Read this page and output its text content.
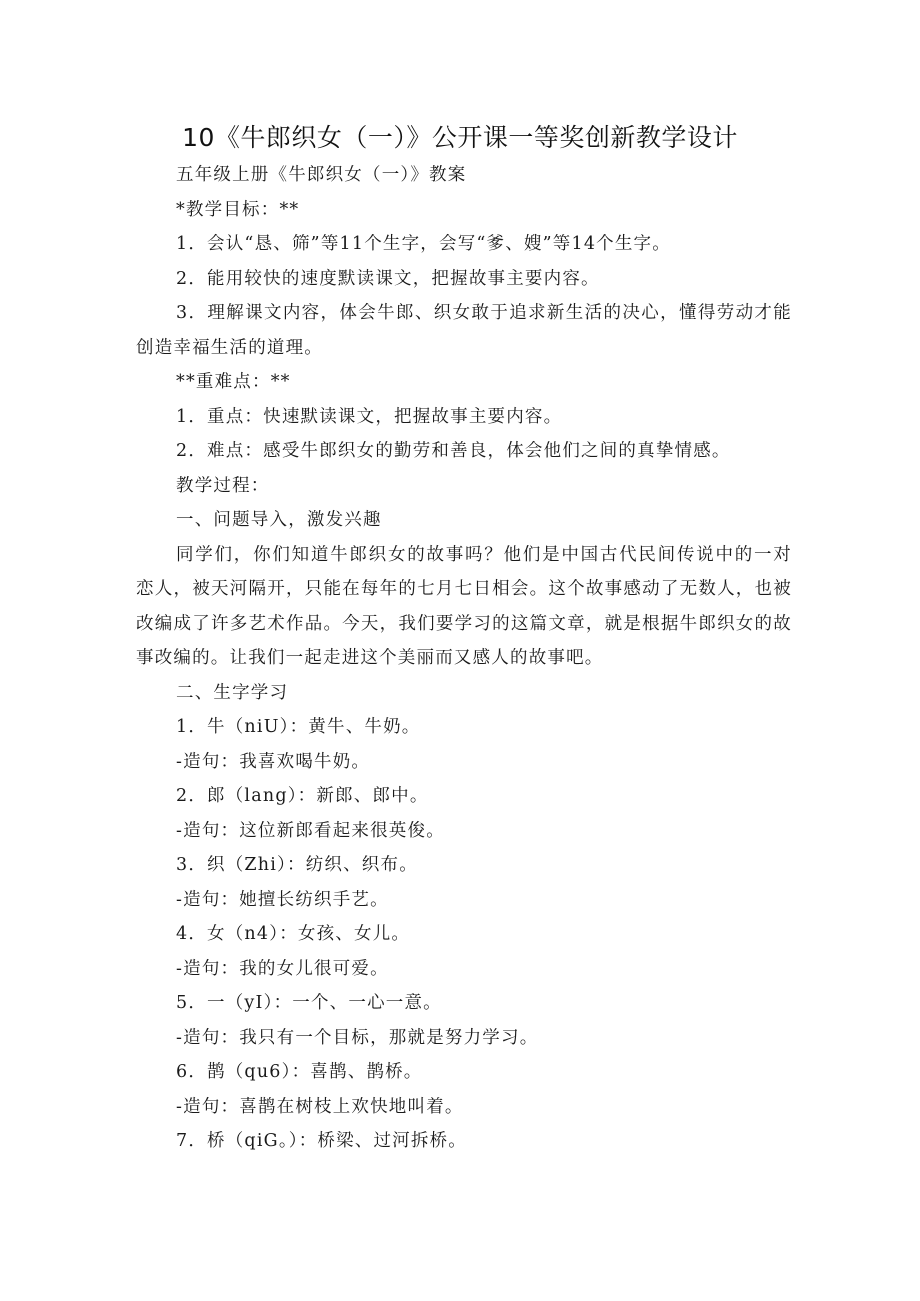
10《牛郎织女（一）》公开课一等奖创新教学设计

五年级上册《牛郎织女（一）》教案

*教学目标：**

1．会认“恳、筛”等11个生字，会写“爹、嫂”等14个生字。

2．能用较快的速度默读课文，把握故事主要内容。

3．理解课文内容，体会牛郎、织女敢于追求新生活的决心，懂得劳动才能创造幸福生活的道理。

**重难点：**

1．重点：快速默读课文，把握故事主要内容。

2．难点：感受牛郎织女的勤劳和善良，体会他们之间的真挚情感。

教学过程：

一、问题导入，激发兴趣

同学们，你们知道牛郎织女的故事吗？他们是中国古代民间传说中的一对恋人，被天河隔开，只能在每年的七月七日相会。这个故事感动了无数人，也被改编成了许多艺术作品。今天，我们要学习的这篇文章，就是根据牛郎织女的故事改编的。让我们一起走进这个美丽而又感人的故事吧。

二、生字学习

1．牛（niU）：黄牛、牛奶。

-造句：我喜欢喝牛奶。

2．郎（lang）：新郎、郎中。

-造句：这位新郎看起来很英俊。

3．织（Zhi）：纺织、织布。

-造句：她擅长纺织手艺。

4．女（n4）：女孩、女儿。

-造句：我的女儿很可爱。

5．一（yI）：一个、一心一意。

-造句：我只有一个目标，那就是努力学习。

6．鹊（qu6）：喜鹊、鹊桥。

-造句：喜鹊在树枝上欢快地叫着。

7．桥（qiG。）：桥梁、过河拆桥。
